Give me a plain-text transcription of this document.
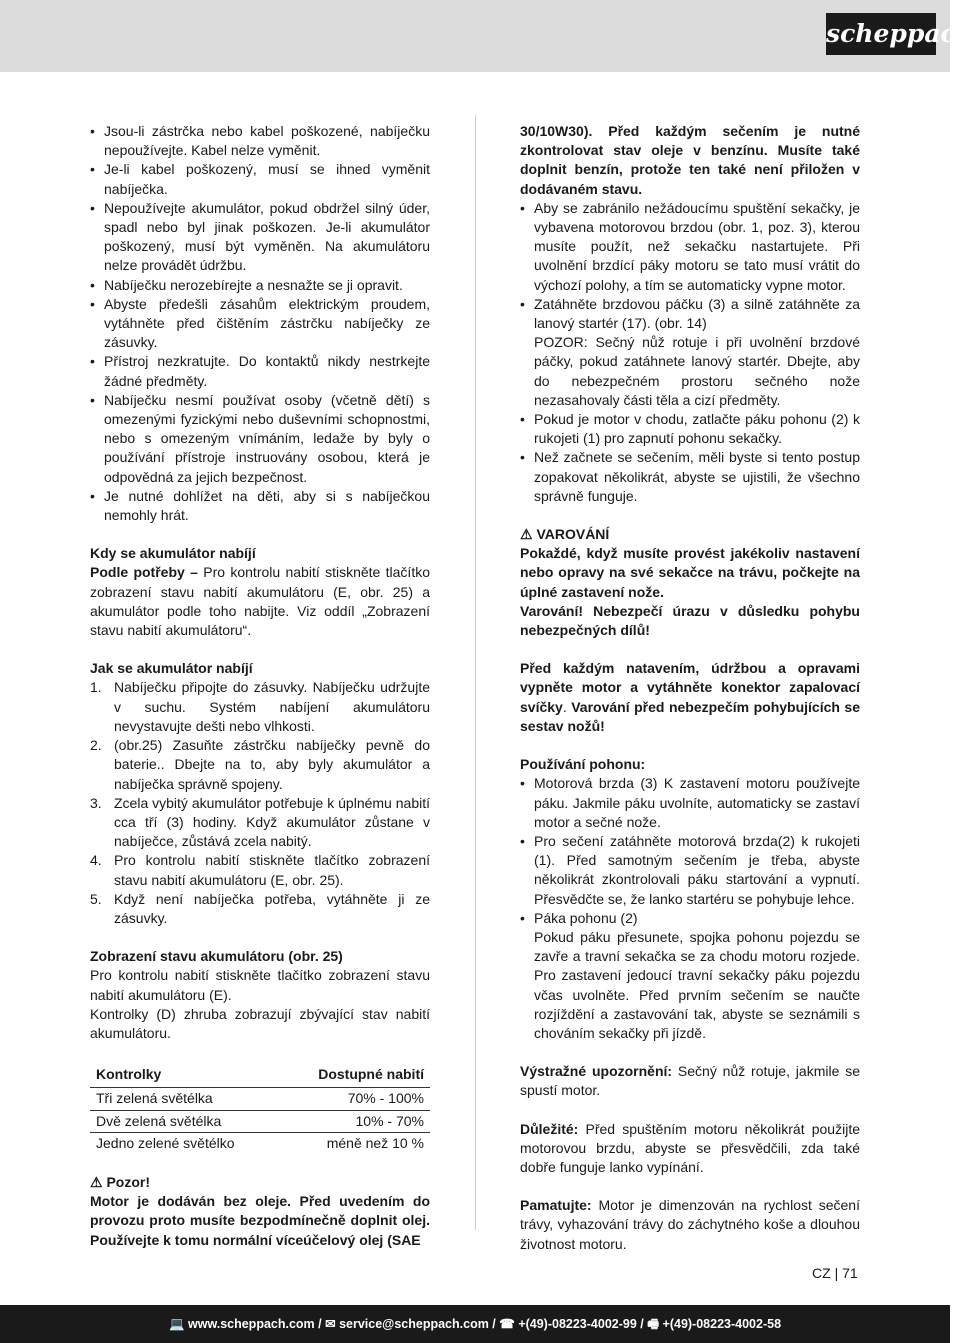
scheppach
• Jsou-li zástrčka nebo kabel poškozené, nabíječku nepoužívejte. Kabel nelze vyměnit.
• Je-li kabel poškozený, musí se ihned vyměnit nabíječka.
• Nepoužívejte akumulátor, pokud obdržel silný úder, spadl nebo byl jinak poškozen. Je-li akumulátor poškozený, musí být vyměněn. Na akumulátoru nelze provádět údržbu.
• Nabíječku nerozebírejte a nesnažte se ji opravit.
• Abyste předešli zásahům elektrickým proudem, vytáhněte před čištěním zástrčku nabíječky ze zásuvky.
• Přístroj nezkratujte. Do kontaktů nikdy nestrkejte žádné předměty.
• Nabíječku nesmí používat osoby (včetně dětí) s omezenými fyzickými nebo duševními schopnostmi, nebo s omezeným vnímáním, ledaže by byly o používání přístroje instruovány osobou, která je odpovědná za jejich bezpečnost.
• Je nutné dohlížet na děti, aby si s nabíječkou nemohly hrát.

Kdy se akumulátor nabíjí

Podle potřeby – Pro kontrolu nabití stiskněte tlačítko zobrazení stavu nabití akumulátoru (E, obr. 25) a akumulátor podle toho nabijte. Viz oddíl „Zobrazení stavu nabití akumulátoru“.

Jak se akumulátor nabíjí

1. Nabíječku připojte do zásuvky. Nabíječku udržujte v suchu. Systém nabíjení akumulátoru nevystavujte dešti nebo vlhkosti.
2. (obr.25) Zasuňte zástrčku nabíječky pevně do baterie.. Dbejte na to, aby byly akumulátor a nabíječka správně spojeny.
3. Zcela vybitý akumulátor potřebuje k úplnému nabití cca tří (3) hodiny. Když akumulátor zůstane v nabíječce, zůstává zcela nabitý.
4. Pro kontrolu nabití stiskněte tlačítko zobrazení stavu nabití akumulátoru (E, obr. 25).
5. Když není nabíječka potřeba, vytáhněte ji ze zásuvky.

Zobrazení stavu akumulátoru (obr. 25)

Pro kontrolu nabití stiskněte tlačítko zobrazení stavu nabití akumulátoru (E).

Kontrolky (D) zhruba zobrazují zbývající stav nabití akumulátoru.

Kontrolky	Dostupné nabití
Tři zelená světélka	70% - 100%
Dvě zelená světélka	10% - 70%
Jedno zelené světélko	méně než 10 %

⚠ Pozor!

Motor je dodáván bez oleje. Před uvedením do provozu proto musíte bezpodmínečně doplnit olej. Používejte k tomu normální víceúčelový olej (SAE

30/10W30). Před každým sečením je nutné zkontrolovat stav oleje v benzínu. Musíte také doplnit benzín, protože ten také není přiložen v dodávaném stavu.

• Aby se zabránilo nežádoucímu spuštění sekačky, je vybavena motorovou brzdou (obr. 1, poz. 3), kterou musíte použít, než sekačku nastartujete. Při uvolnění brzdící páky motoru se tato musí vrátit do výchozí polohy, a tím se automaticky vypne motor.
• Zatáhněte brzdovou páčku (3) a silně zatáhněte za lanový startér (17). (obr. 14)
POZOR: Sečný nůž rotuje i při uvolnění brzdové páčky, pokud zatáhnete lanový startér. Dbejte, aby do nebezpečném prostoru sečného nože nezasahovaly části těla a cizí předměty.
• Pokud je motor v chodu, zatlačte páku pohonu (2) k rukojeti (1) pro zapnutí pohonu sekačky.
• Než začnete se sečením, měli byste si tento postup zopakovat několikrát, abyste se ujistili, že všechno správně funguje.

⚠ VAROVÁNÍ

Pokaždé, když musíte provést jakékoliv nastavení nebo opravy na své sekačce na trávu, počkejte na úplné zastavení nože.

Varování! Nebezpečí úrazu v důsledku pohybu nebezpečných dílů!

Před každým natavením, údržbou a opravami vypněte motor a vytáhněte konektor zapalovací svíčky. Varování před nebezpečím pohybujících se sestav nožů!

Používání pohonu:

• Motorová brzda (3) K zastavení motoru používejte páku. Jakmile páku uvolníte, automaticky se zastaví motor a sečné nože.
• Pro sečení zatáhněte motorová brzda(2) k rukojeti (1). Před samotným sečením je třeba, abyste několikrát zkontrolovali páku startování a vypnutí. Přesvědčte se, že lanko startéru se pohybuje lehce.
• Páka pohonu (2)
Pokud páku přesunete, spojka pohonu pojezdu se zavře a travní sekačka se za chodu motoru rozjede. Pro zastavení jedoucí travní sekačky páku pojezdu včas uvolněte. Před prvním sečením se naučte rozjíždění a zastavování tak, abyste se seznámili s chováním sekačky při jízdě.

Výstražné upozornění: Sečný nůž rotuje, jakmile se spustí motor.

Důležité: Před spuštěním motoru několikrát použijte motorovou brzdu, abyste se přesvědčili, zda také dobře funguje lanko vypínání.

Pamatujte: Motor je dimenzován na rychlost sečení trávy, vyhazování trávy do záchytného koše a dlouhou životnost motoru.

CZ | 71
💻 www.scheppach.com / ✉ service@scheppach.com / ☎ +(49)-08223-4002-99 / 🖷 +(49)-08223-4002-58
